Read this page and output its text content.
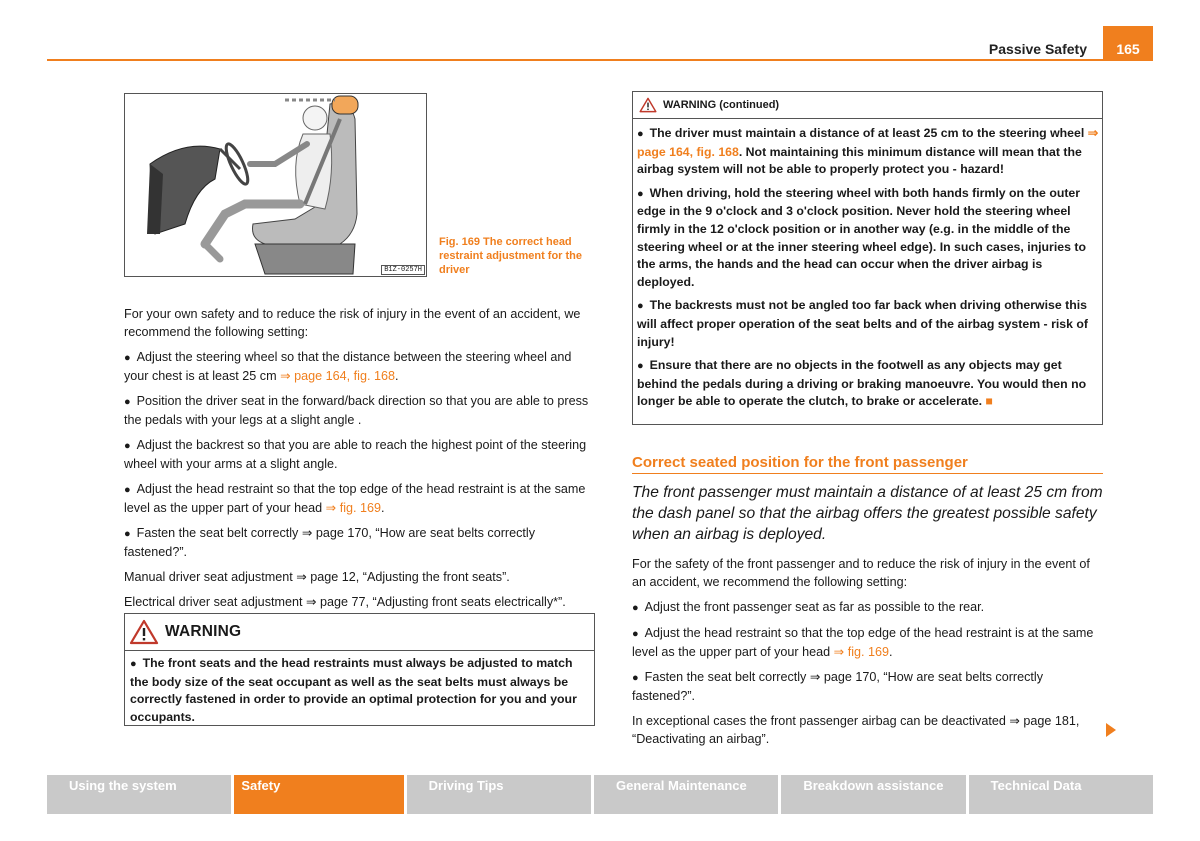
Passive Safety	165
B1Z-0257H
Fig. 169 The correct head restraint adjustment for the driver

For your own safety and to reduce the risk of injury in the event of an accident, we recommend the following setting:

● Adjust the steering wheel so that the distance between the steering wheel and your chest is at least 25 cm ⇒ page 164, fig. 168.
● Position the driver seat in the forward/back direction so that you are able to press the pedals with your legs at a slight angle .
● Adjust the backrest so that you are able to reach the highest point of the steering wheel with your arms at a slight angle.
● Adjust the head restraint so that the top edge of the head restraint is at the same level as the upper part of your head ⇒ fig. 169.
● Fasten the seat belt correctly ⇒ page 170, “How are seat belts correctly fastened?”.

Manual driver seat adjustment ⇒ page 12, “Adjusting the front seats”.

Electrical driver seat adjustment ⇒ page 77, “Adjusting front seats electrically*”.

WARNING
● The front seats and the head restraints must always be adjusted to match the body size of the seat occupant as well as the seat belts must always be correctly fastened in order to provide an optimal protection for you and your occupants.
WARNING (continued)

● The driver must maintain a distance of at least 25 cm to the steering wheel ⇒ page 164, fig. 168. Not maintaining this minimum distance will mean that the airbag system will not be able to properly protect you - hazard!

● When driving, hold the steering wheel with both hands firmly on the outer edge in the 9 o'clock and 3 o'clock position. Never hold the steering wheel firmly in the 12 o'clock position or in another way (e.g. in the middle of the steering wheel or at the inner steering wheel edge). In such cases, injuries to the arms, the hands and the head can occur when the driver airbag is deployed.

● The backrests must not be angled too far back when driving otherwise this will affect proper operation of the seat belts and of the airbag system - risk of injury!

● Ensure that there are no objects in the footwell as any objects may get behind the pedals during a driving or braking manoeuvre. You would then no longer be able to operate the clutch, to brake or accelerate. ■

Correct seated position for the front passenger
The front passenger must maintain a distance of at least 25 cm from the dash panel so that the airbag offers the greatest possible safety when an airbag is deployed.

For the safety of the front passenger and to reduce the risk of injury in the event of an accident, we recommend the following setting:

● Adjust the front passenger seat as far as possible to the rear.
● Adjust the head restraint so that the top edge of the head restraint is at the same level as the upper part of your head ⇒ fig. 169.
● Fasten the seat belt correctly ⇒ page 170, “How are seat belts correctly fastened?”.

In exceptional cases the front passenger airbag can be deactivated ⇒ page 181, “Deactivating an airbag”.

Using the system	Safety	Driving Tips	General Maintenance	Breakdown assistance	Technical Data
